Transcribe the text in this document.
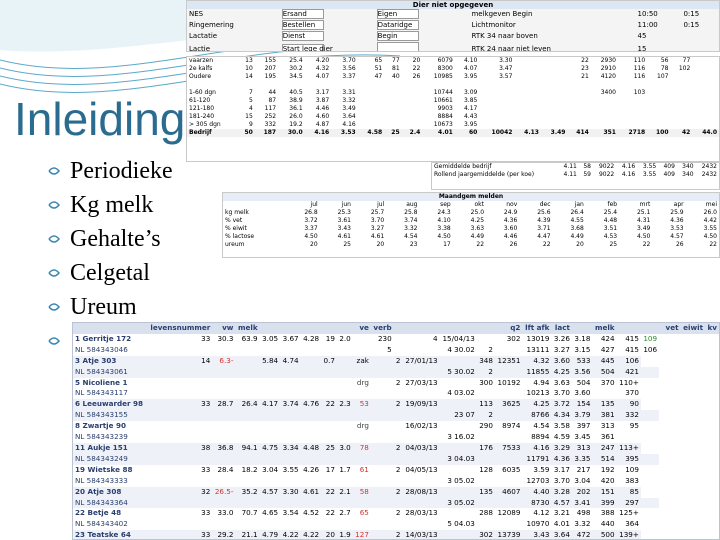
Inleiding
Periodieke
Kg melk
Gehalte’s
Celgetal
Ureum
Dier niet opgegeven
NES	Ersand		Eigen		melkgeven Begin		10:50	0:15
Ringemering	Bestellen		Dataridge		Lichtmonitor		11:00	0:15
Lactatie	Dienst		Begin		RTK 34 naar boven		45	
Lactie	Start lege dier				RTK 24 naar niet leven		15	
vaarzen	13	155	25.4	4.20	3.70	65	77	20	6079	4.10	3.30			22	2930	110	56	77	
2e kalfs	10	207	30.2	4.32	3.56	51	81	22	8300	4.07	3.47			23	2910	116	78	102	
Oudere	14	195	34.5	4.07	3.37	47	40	26	10985	3.95	3.57			21	4120	116	107		

1-60 dgn	7	44	40.5	3.17	3.31				10744	3.09					3400	103			
61-120	5	87	38.9	3.87	3.32				10661	3.85									
121-180	4	117	36.1	4.46	3.49				9903	4.17									
181-240	15	252	26.0	4.60	3.64				8884	4.43									
> 305 dgn	9	332	19.2	4.87	4.16				10673	3.95									
Bedrijf	50	187	30.0	4.16	3.53	4.58	25	2.4	4.01	60	10042	4.13	3.49	414	351	2718	100	42	44.0
Gemiddelde bedrijf	4.11	58	9022	4.16	3.55	409	340	2432
Rollend jaargemiddelde (per koe)	4.11	59	9022	4.16	3.55	409	340	2432
Maandgem melden
	jul	jun	jul	aug	sep	okt	nov	dec	jan	feb	mrt	apr	mei
kg melk	26.8	25.3	25.7	25.8	24.3	25.0	24.9	25.6	26.4	25.4	25.1	25.9	26.0
% vet	3.72	3.61	3.70	3.74	4.10	4.25	4.36	4.39	4.55	4.48	4.31	4.36	4.42
% eiwit	3.37	3.43	3.27	3.32	3.38	3.63	3.60	3.71	3.68	3.51	3.49	3.53	3.55
% lactose	4.50	4.61	4.61	4.54	4.50	4.49	4.46	4.47	4.49	4.53	4.50	4.57	4.50
ureum	20	25	20	23	17	22	26	22	20	25	22	26	22
	levensnummer	vw	melk						ve	verb					q2	lft afk	lact		melk				vet	eiwit	kv
1 Gerritje 172	33	30.3	63.9	3.05	3.67	4.28	19	2.0		230		4	15/04/13		302	13019	3.26	3.18	424	415	109				
NL 584343046										5			4 30.02	2		13111	3.27	3.15	427	415	106				
3 Atje 303	14	6.3-		5.84	4.74		0.7		zak		2	27/01/13		348	12351	4.32	3.60	533	445	106					
NL 584343061													5 30.02	2		11855	4.25	3.56	504	421					
5 Nicoliene 1									drg		2	27/03/13		300	10192	4.94	3.63	504	370	110+					
NL 584343117													4 03.02			10213	3.70	3.60		370					
6 Leeuwarder 98	33	28.7	26.4	4.17	3.74	4.76	22	2.3	53		2	19/09/13		113	3625	4.25	3.72	154	135	90					
NL 584343155													23 07	2		8766	4.34	3.79	381	332					
8 Zwartje 90									drg			16/02/13		290	8974	4.54	3.58	397	313	95					
NL 584343239													3 16.02			8894	4.59	3.45	361						
11 Aukje 151	38	36.8	94.1	4.75	3.34	4.48	25	3.0	78		2	04/03/13		176	7533	4.16	3.29	313	247	113+					
NL 584343249													3 04.03			11791	4.36	3.35	514	395					
19 Wietske 88	33	28.4	18.2	3.04	3.55	4.26	17	1.7	61		2	04/05/13		128	6035	3.59	3.17	217	192	109					
NL 584343333													3 05.02			12703	3.70	3.04	420	383					
20 Atje 308	32	26.5-	35.2	4.57	3.30	4.61	22	2.1	58		2	28/08/13		135	4607	4.40	3.28	202	151	85					
NL 584343364													3 05.02			8730	4.57	3.41	399	297					
22 Betje 48	33	33.0	70.7	4.65	3.54	4.52	22	2.7	65		2	28/03/13		288	12089	4.12	3.21	498	388	125+					
NL 584343402													5 04.03			10970	4.01	3.32	440	364					
23 Teatske 64	33	29.2	21.1	4.79	4.22	4.22	20	1.9	127		2	14/03/13		302	13739	3.43	3.64	472	500	139+					
